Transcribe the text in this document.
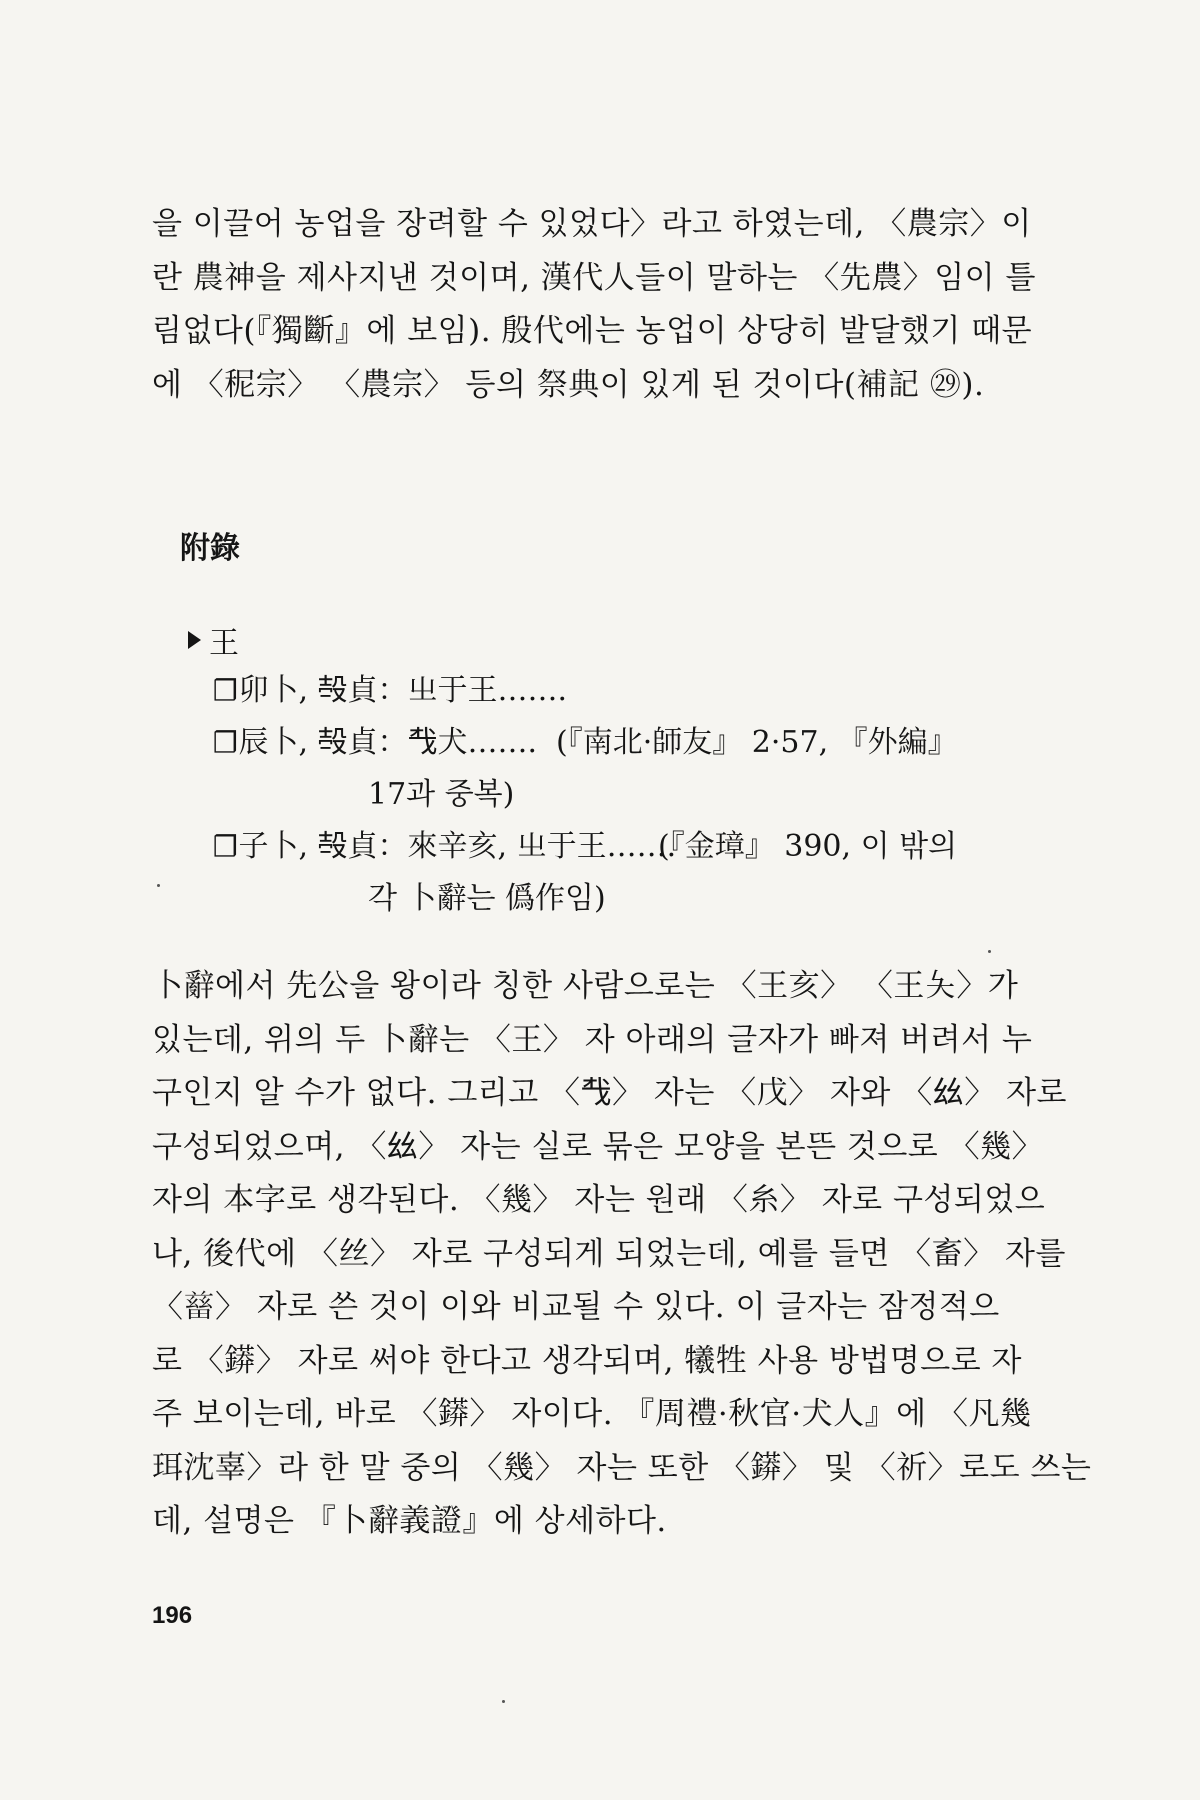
을 이끌어 농업을 장려할 수 있었다〉라고 하였는데, 〈農宗〉이

란 農神을 제사지낸 것이며, 漢代人들이 말하는 〈先農〉임이 틀

림없다(『獨斷』에 보임). 殷代에는 농업이 상당히 발달했기 때문

에 〈秜宗〉 〈農宗〉 등의 祭典이 있게 된 것이다(補記 ㉙).

附錄
王
☐卯卜, 𣪊貞：㞢于王…….
☐辰卜, 𣪊貞：𢦔犬……. (『南北·師友』 2·57, 『外編』
17과 중복)
☐子卜, 𣪊貞：來辛亥, 㞢于王…….
(『金璋』 390, 이 밖의
각 卜辭는 僞作임)

卜辭에서 先公을 왕이라 칭한 사람으로는 〈王亥〉 〈王夨〉가

있는데, 위의 두 卜辭는 〈王〉 자 아래의 글자가 빠져 버려서 누

구인지 알 수가 없다. 그리고 〈𢦔〉 자는 〈戊〉 자와 〈𢆶〉 자로

구성되었으며, 〈𢆶〉 자는 실로 묶은 모양을 본뜬 것으로 〈幾〉

자의 本字로 생각된다. 〈幾〉 자는 원래 〈糸〉 자로 구성되었으

나, 後代에 〈丝〉 자로 구성되게 되었는데, 예를 들면 〈畜〉 자를

〈𤲸〉 자로 쓴 것이 이와 비교될 수 있다. 이 글자는 잠정적으

로 〈䥈〉 자로 써야 한다고 생각되며, 犧牲 사용 방법명으로 자

주 보이는데, 바로 〈䥈〉 자이다. 『周禮·秋官·犬人』에 〈凡幾

珥沈辜〉라 한 말 중의 〈幾〉 자는 또한 〈䥈〉 및 〈祈〉로도 쓰는

데, 설명은 『卜辭義證』에 상세하다.

196
